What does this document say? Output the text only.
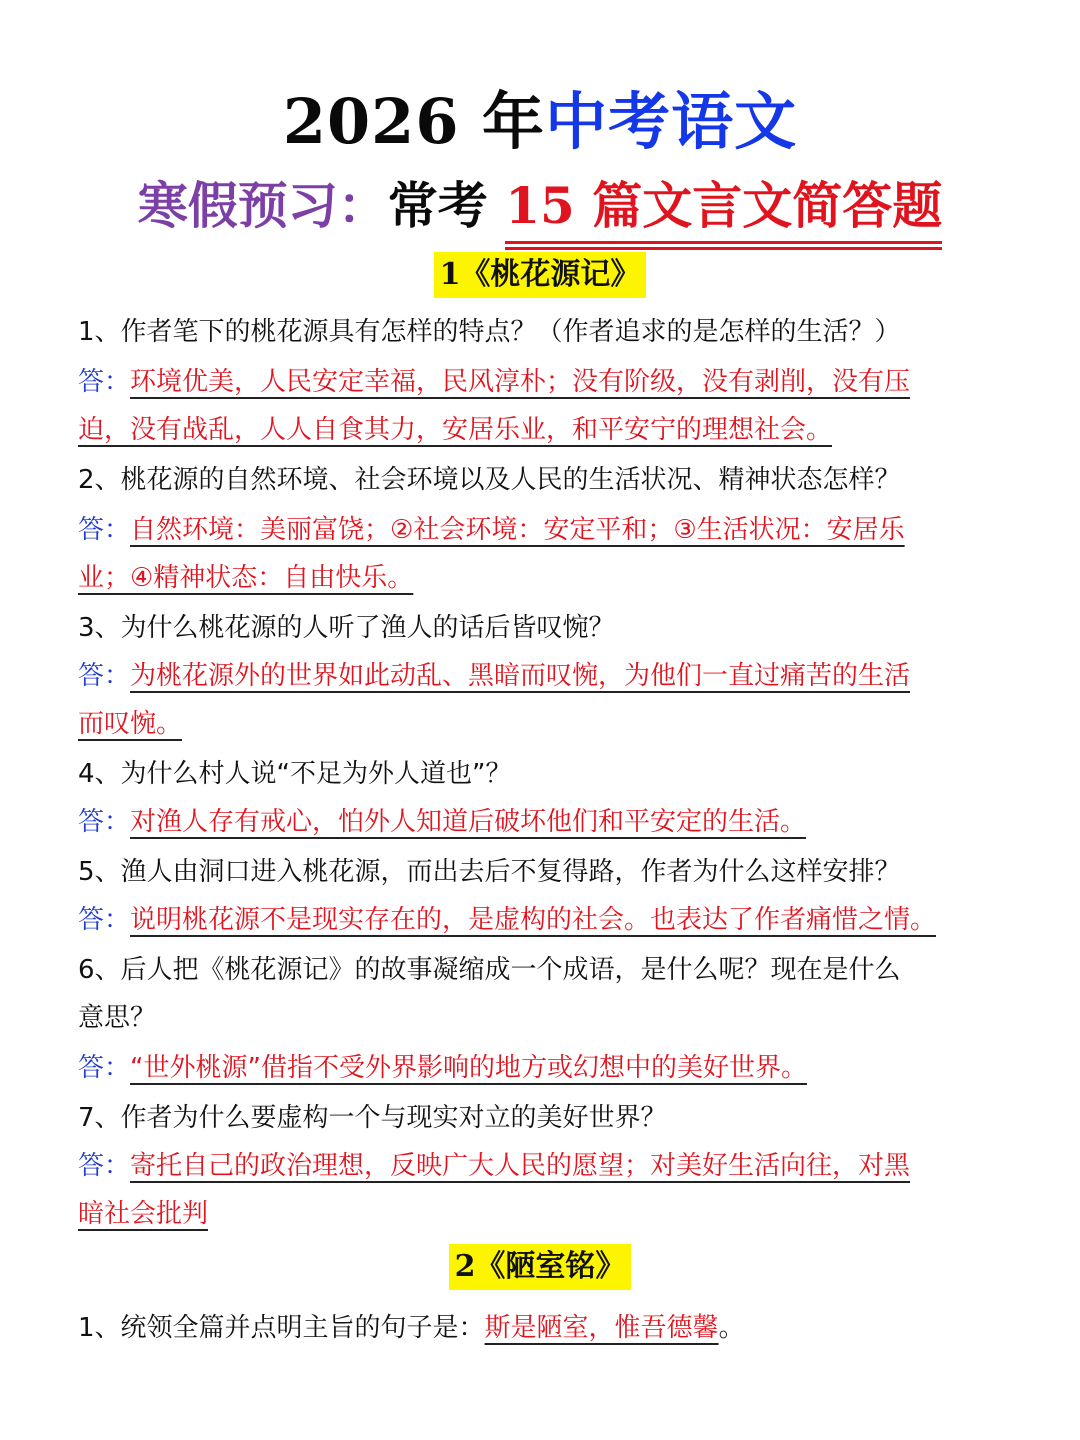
2026 年中考语文
寒假预习：常考 15 篇文言文简答题
1《桃花源记》
1、作者笔下的桃花源具有怎样的特点？（作者追求的是怎样的生活？）
答：环境优美，人民安定幸福，民风淳朴；没有阶级，没有剥削，没有压
迫，没有战乱，人人自食其力，安居乐业，和平安宁的理想社会。
2、桃花源的自然环境、社会环境以及人民的生活状况、精神状态怎样？
答：自然环境：美丽富饶；②社会环境：安定平和；③生活状况：安居乐
业；④精神状态：自由快乐。
3、为什么桃花源的人听了渔人的话后皆叹惋？
答：为桃花源外的世界如此动乱、黑暗而叹惋，为他们一直过痛苦的生活
而叹惋。
4、为什么村人说“不足为外人道也”？
答：对渔人存有戒心，怕外人知道后破坏他们和平安定的生活。
5、渔人由洞口进入桃花源，而出去后不复得路，作者为什么这样安排？
答：说明桃花源不是现实存在的，是虚构的社会。也表达了作者痛惜之情。
6、后人把《桃花源记》的故事凝缩成一个成语，是什么呢？现在是什么
意思？
答：“世外桃源”借指不受外界影响的地方或幻想中的美好世界。
7、作者为什么要虚构一个与现实对立的美好世界？
答：寄托自己的政治理想，反映广大人民的愿望；对美好生活向往，对黑
暗社会批判
2《陋室铭》
1、统领全篇并点明主旨的句子是：斯是陋室，惟吾德馨。
